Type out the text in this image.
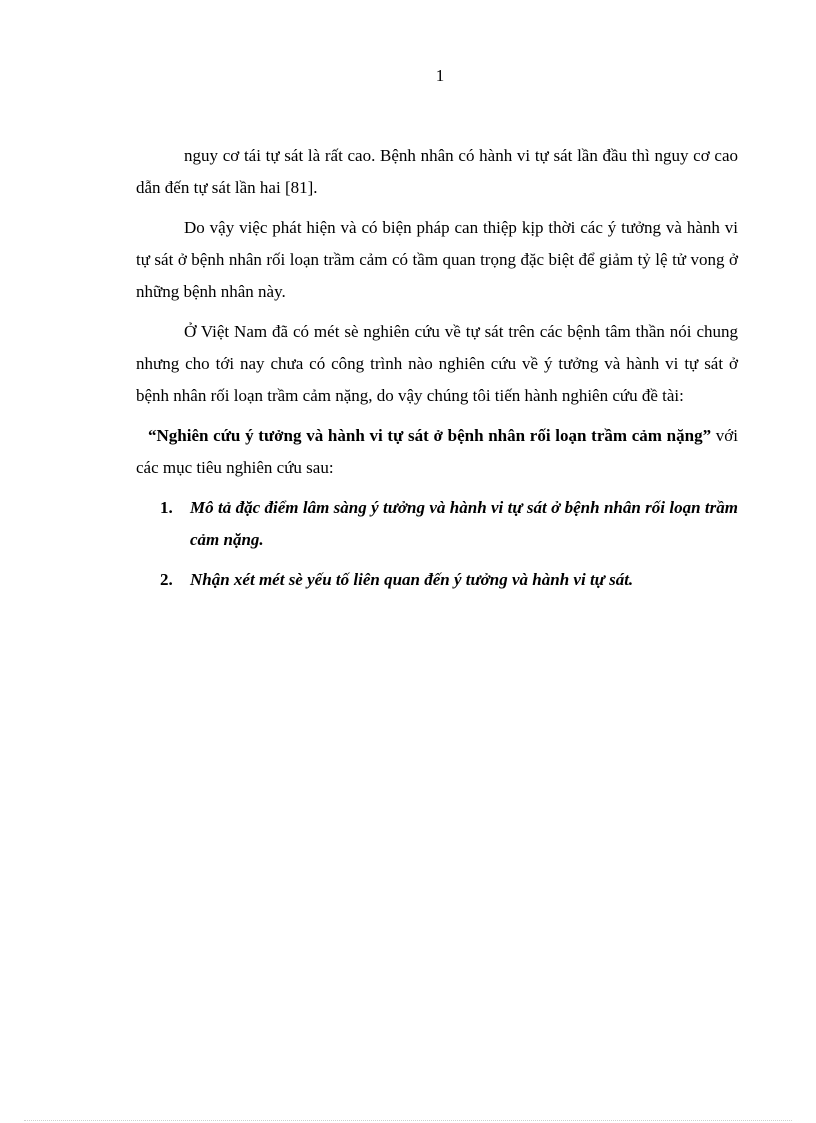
1

nguy cơ tái tự sát là rất cao. Bệnh nhân có hành vi tự sát lần đầu thì nguy cơ cao dẫn đến tự sát lần hai [81].

Do vậy việc phát hiện và có biện pháp can thiệp kịp thời các ý tưởng và hành vi tự sát ở bệnh nhân rối loạn trầm cảm có tầm quan trọng đặc biệt để giảm tỷ lệ tử vong ở những bệnh nhân này.

Ở Việt Nam đã có mét sè nghiên cứu về tự sát trên các bệnh tâm thần nói chung nhưng cho tới nay chưa có công trình nào nghiên cứu về ý tưởng và hành vi tự sát ở bệnh nhân rối loạn trầm cảm nặng, do vậy chúng tôi tiến hành nghiên cứu đề tài:

“Nghiên cứu ý tưởng và hành vi tự sát ở bệnh nhân rối loạn trầm cảm nặng” với các mục tiêu nghiên cứu sau:

1. Mô tả đặc điểm lâm sàng ý tưởng và hành vi tự sát ở bệnh nhân rối loạn trầm cảm nặng.
2. Nhận xét mét sè yếu tố liên quan đến ý tưởng và hành vi tự sát.
